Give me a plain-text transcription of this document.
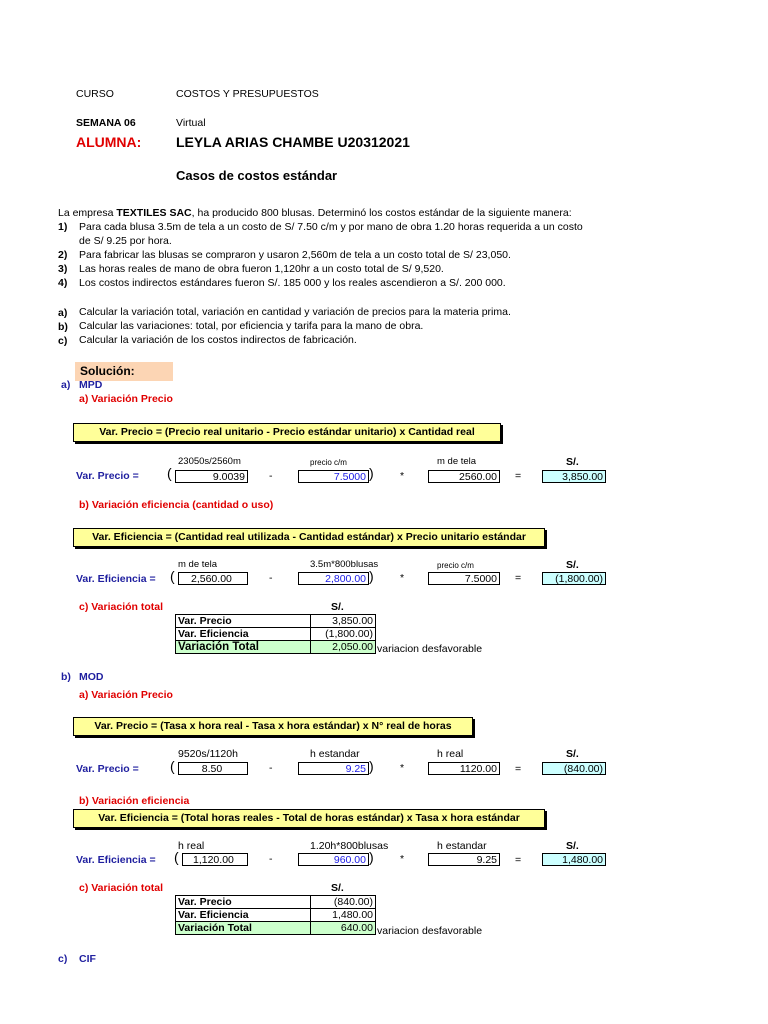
CURSO	COSTOS Y PRESUPUESTOS
SEMANA 06	Virtual
ALUMNA: LEYLA ARIAS CHAMBE U20312021
Casos de costos estándar
La empresa TEXTILES SAC, ha producido 800 blusas. Determinó los costos estándar de la siguiente manera:
1) Para cada blusa 3.5m de tela a un costo de S/ 7.50 c/m y por mano de obra 1.20 horas requerida a un costo
de S/ 9.25 por hora.
2) Para fabricar las blusas se compraron y usaron 2,560m de tela a un costo total de S/ 23,050.
3) Las horas reales de mano de obra fueron 1,120hr a un costo total de S/ 9,520.
4) Los costos indirectos estándares fueron S/. 185 000 y los reales ascendieron a S/. 200 000.
a) Calcular la variación total, variación en cantidad y variación de precios para la materia prima.
b) Calcular las variaciones: total, por eficiencia y tarifa para la mano de obra.
c) Calcular la variación de los costos indirectos de fabricación.
Solución:
a) MPD
a) Variación Precio
Var. Precio = (Precio real unitario - Precio estándar unitario) x Cantidad real
23050s/2560m	precio c/m	m de tela	S/.
Var. Precio = (	9.0039 -	7.5000 )	*	2560.00 =	3,850.00
b) Variación eficiencia (cantidad o uso)
Var. Eficiencia = (Cantidad real utilizada - Cantidad estándar) x Precio unitario estándar
m de tela	3.5m*800blusas	precio c/m	S/.
Var. Eficiencia = (	2,560.00	-	2,800.00 )	*	7.5000 =	(1,800.00)
c) Variación total	S/.
Var. Precio	3,850.00
Var. Eficiencia	(1,800.00)
Variación Total	2,050.00 variacion desfavorable
b) MOD
a) Variación Precio
Var. Precio = (Tasa x hora real - Tasa x hora estándar) x N° real de horas
9520s/1120h	h estandar	h real	S/.
Var. Precio = (	8.50	-	9.25 )	*	1120.00 =	(840.00)
b) Variación eficiencia
Var. Eficiencia = (Total horas reales - Total de horas estándar) x Tasa x hora estándar
h real	1.20h*800blusas	h estandar	S/.
Var. Eficiencia = (	1,120.00	-	960.00 )	*	9.25 =	1,480.00
c) Variación total	S/.
Var. Precio	(840.00)
Var. Eficiencia	1,480.00
Variación Total	640.00 variacion desfavorable
c) CIF
